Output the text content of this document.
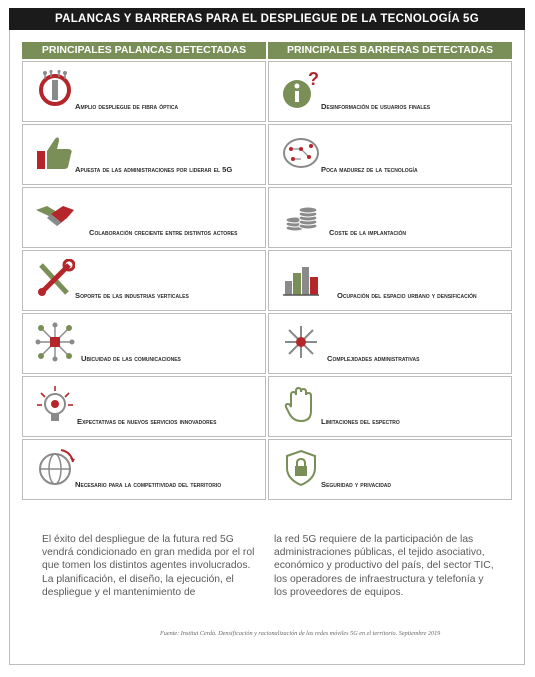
PALANCAS Y BARRERAS PARA EL DESPLIEGUE DE LA TECNOLOGÍA 5G
PRINCIPALES PALANCAS DETECTADAS	PRINCIPALES BARRERAS DETECTADAS
Amplio despliegue de fibra óptica
Apuesta de las administraciones por liderar el 5G
Colaboración creciente entre distintos actores
Soporte de las industrias verticales
Ubicuidad de las comunicaciones
Expectativas de nuevos servicios innovadores
Necesario para la competitividad del territorio
?
Desinformación de usuarios finales
Poca madurez de la tecnología
Coste de la implantación
Ocupación del espacio urbano y densificación
Complejidades administrativas
Limitaciones del espectro
Seguridad y privacidad

El éxito del despliegue de la futura red 5G vendrá condicionado en gran medida por el rol que tomen los distintos agentes involucrados. La planificación, el diseño, la ejecución, el despliegue y el mantenimiento de

la red 5G requiere de la participación de las administraciones públicas, el tejido asociativo, económico y productivo del país, del sector TIC, los operadores de infraestructura y telefonía y los proveedores de equipos.

Fuente: Institut Cerdà. Densificación y racionalización de las redes móviles 5G en el territorio. Septiembre 2019
